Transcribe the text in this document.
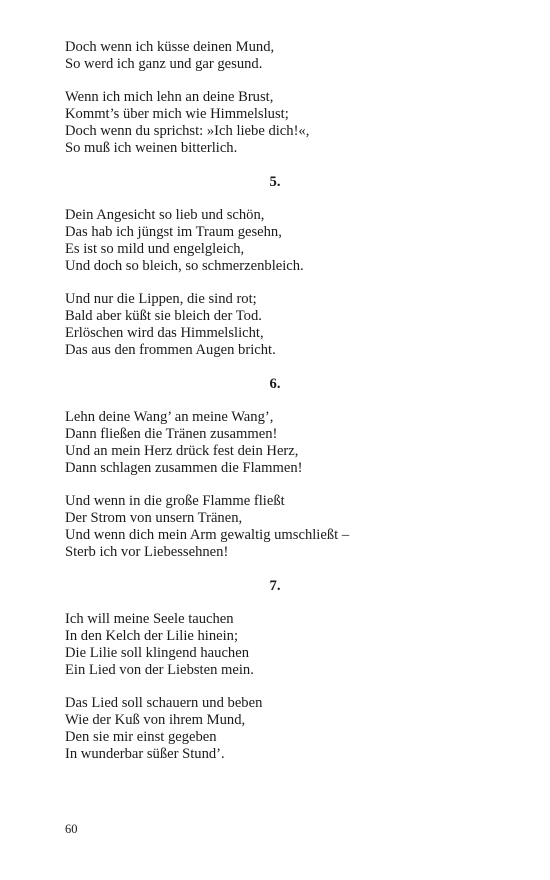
Doch wenn ich küsse deinen Mund,
So werd ich ganz und gar gesund.
Wenn ich mich lehn an deine Brust,
Kommt’s über mich wie Himmelslust;
Doch wenn du sprichst: »Ich liebe dich!«,
So muß ich weinen bitterlich.
5.
Dein Angesicht so lieb und schön,
Das hab ich jüngst im Traum gesehn,
Es ist so mild und engelgleich,
Und doch so bleich, so schmerzenbleich.
Und nur die Lippen, die sind rot;
Bald aber küßt sie bleich der Tod.
Erlöschen wird das Himmelslicht,
Das aus den frommen Augen bricht.
6.
Lehn deine Wang’ an meine Wang’,
Dann fließen die Tränen zusammen!
Und an mein Herz drück fest dein Herz,
Dann schlagen zusammen die Flammen!
Und wenn in die große Flamme fließt
Der Strom von unsern Tränen,
Und wenn dich mein Arm gewaltig umschließt –
Sterb ich vor Liebessehnen!
7.
Ich will meine Seele tauchen
In den Kelch der Lilie hinein;
Die Lilie soll klingend hauchen
Ein Lied von der Liebsten mein.
Das Lied soll schauern und beben
Wie der Kuß von ihrem Mund,
Den sie mir einst gegeben
In wunderbar süßer Stund’.
60
